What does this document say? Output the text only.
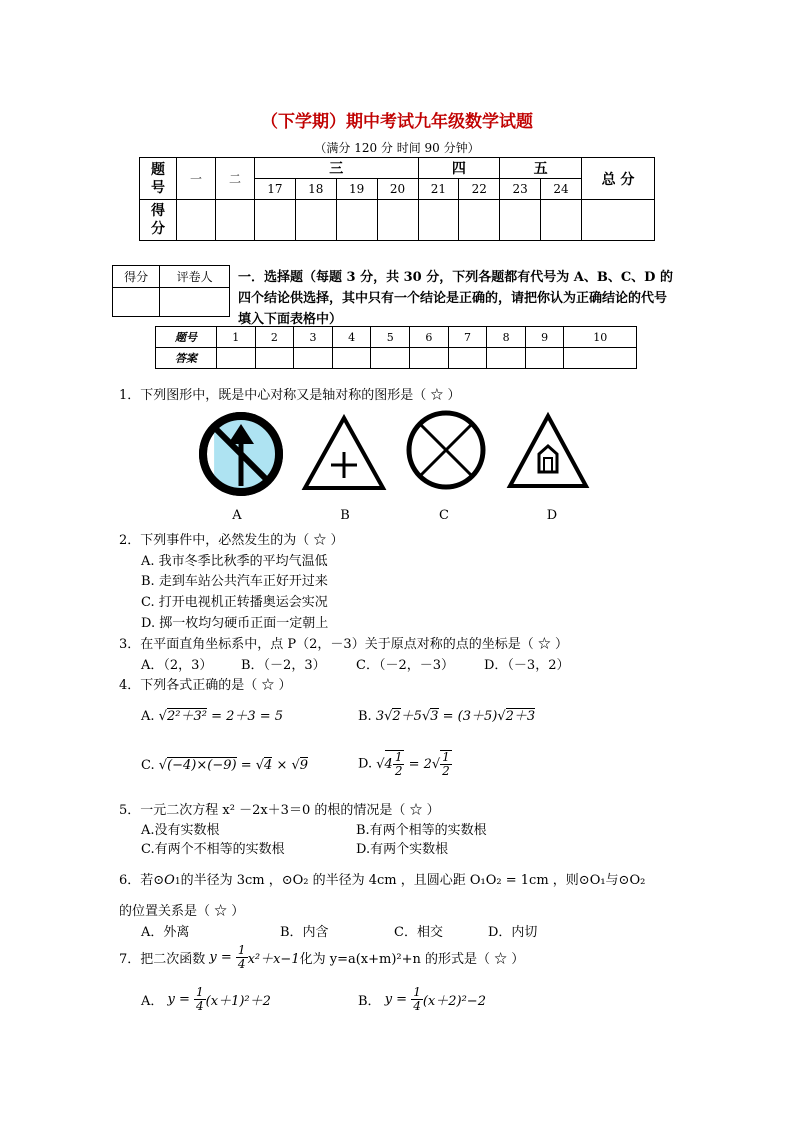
（下学期）期中考试九年级数学试题
（满分 120 分 时间 90 分钟）
题号	一	二	三				四		五		总 分
			17	18	19	20	21	22	23	24	
得分											
得分	评卷人
	一．选择题（每题 3 分，共 30 分，下列各题都有代号为 A、B、C、D 的四个结论供选择，其中只有一个结论是正确的，请把你认为正确结论的代号填入下面表格中）
题号	1	2	3	4	5	6	7	8	9	10
答案										
1．下列图形中，既是中心对称又是轴对称的图形是（ ☆ ）
A	B	C	D
2．下列事件中，必然发生的为（ ☆ ）
A. 我市冬季比秋季的平均气温低
B. 走到车站公共汽车正好开过来
C. 打开电视机正转播奥运会实况
D. 掷一枚均匀硬币正面一定朝上
3．在平面直角坐标系中，点 P（2，－3）关于原点对称的点的坐标是（ ☆ ）
A．（2，3） B．（－2，3） C．（－2，－3） D．（－3，2）
4．下列各式正确的是（ ☆ ）
A. √2²＋3² = 2＋3 = 5	B. 3√2＋5√3 = (3＋5)√2＋3
C. √(−4)×(−9) = √4 × √9	D. √ $4 \frac{1}{2} = 2√ \frac{1}{2}$
5．一元二次方程 x² －2x＋3＝0 的根的情况是（ ☆ ）
A.没有实数根	B.有两个相等的实数根
C.有两个不相等的实数根	D.有两个实数根
6．若⊙O1的半径为 3cm ，⊙O₂ 的半径为 4cm ，且圆心距 O₁O₂ = 1cm ，则⊙O₁与⊙O₂
的位置关系是（ ☆ ）
A．外离	B．内含	C．相交	D．内切
7．把二次函数 $y = \frac{1}{4} x^2+x-1$ 化为 y=a(x+m)²+n 的形式是（ ☆ ）
A． $y = \frac{1}{4} (x+1)^2+2$	B． $y = \frac{1}{4} (x+2)^2-2$
